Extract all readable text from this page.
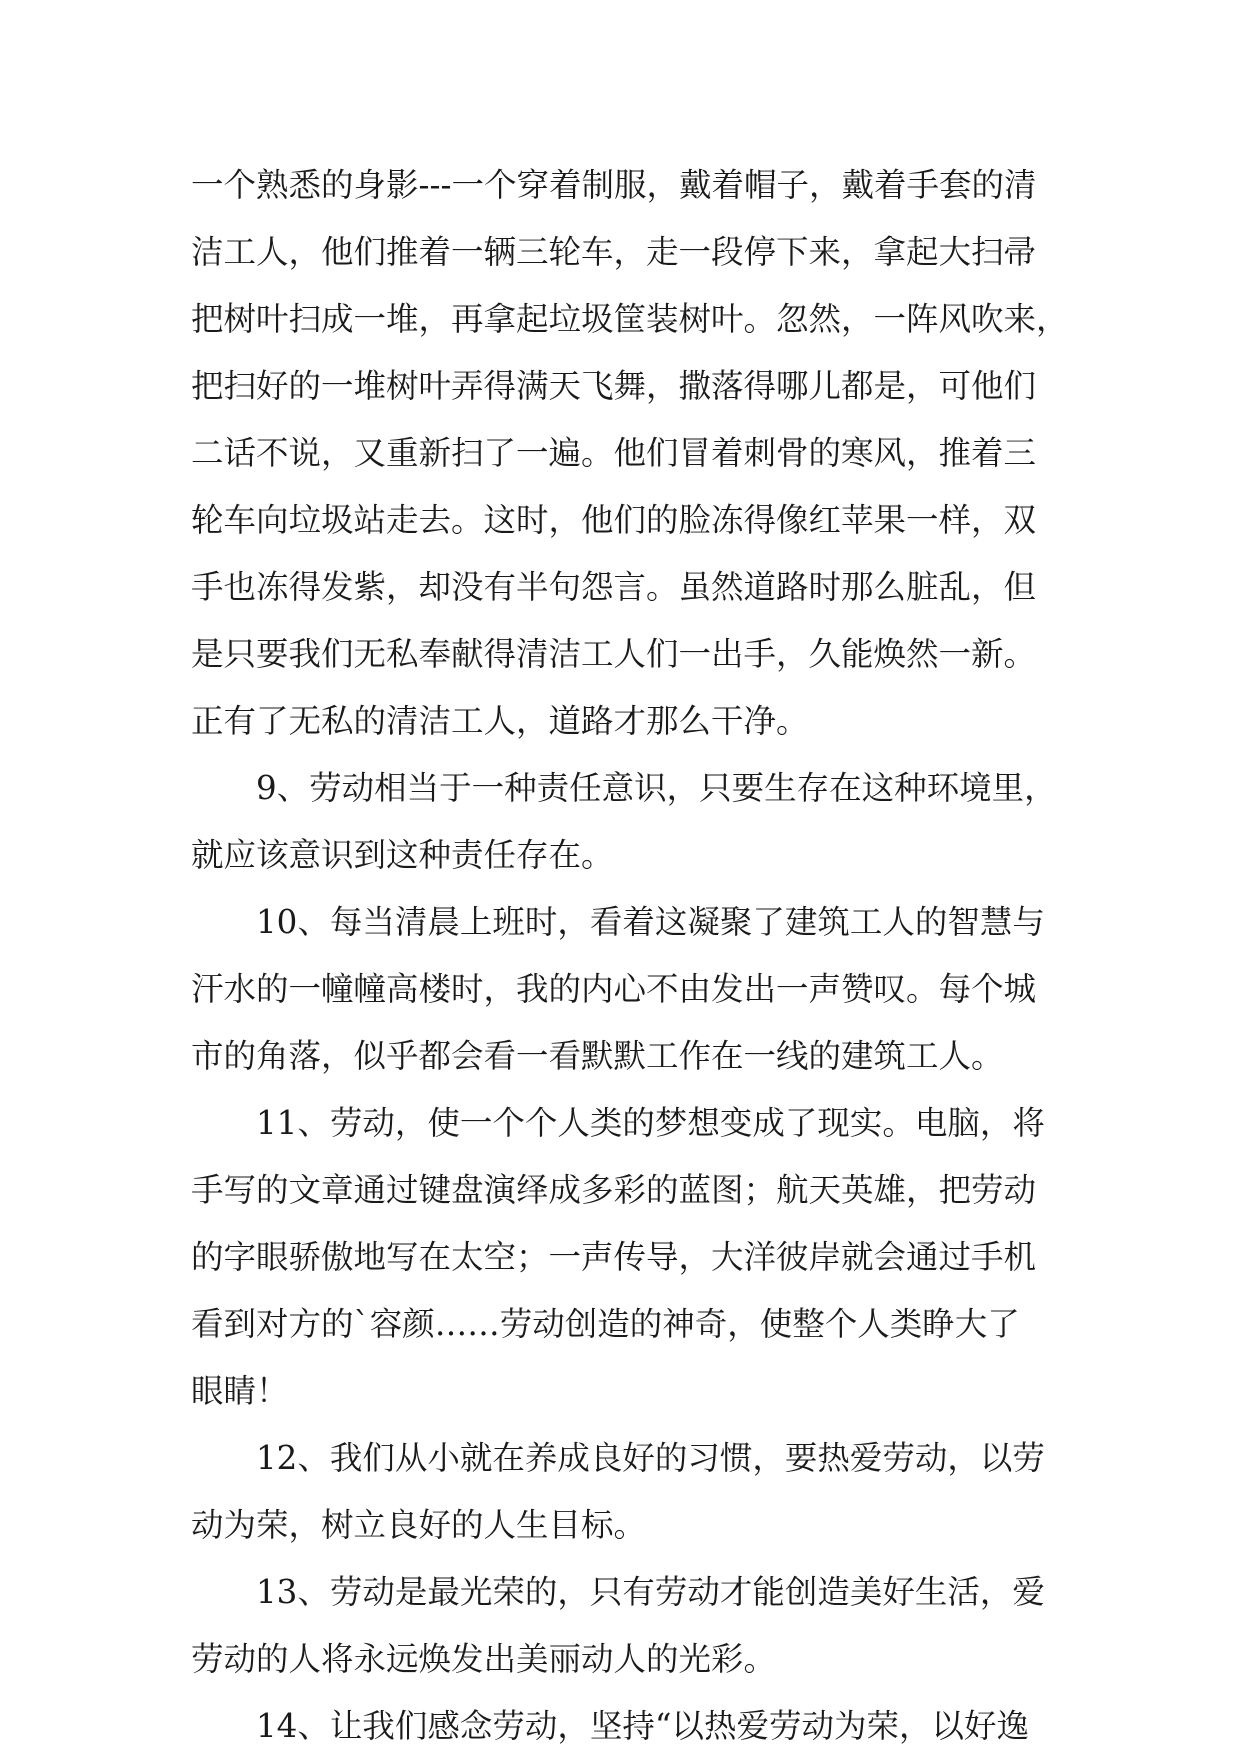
一个熟悉的身影---一个穿着制服，戴着帽子，戴着手套的清
洁工人，他们推着一辆三轮车，走一段停下来，拿起大扫帚
把树叶扫成一堆，再拿起垃圾筐装树叶。忽然，一阵风吹来，
把扫好的一堆树叶弄得满天飞舞，撒落得哪儿都是，可他们
二话不说，又重新扫了一遍。他们冒着刺骨的寒风，推着三
轮车向垃圾站走去。这时，他们的脸冻得像红苹果一样，双
手也冻得发紫，却没有半句怨言。虽然道路时那么脏乱，但
是只要我们无私奉献得清洁工人们一出手，久能焕然一新。
正有了无私的清洁工人，道路才那么干净。
9、劳动相当于一种责任意识，只要生存在这种环境里，
就应该意识到这种责任存在。
10、每当清晨上班时，看着这凝聚了建筑工人的智慧与
汗水的一幢幢高楼时，我的内心不由发出一声赞叹。每个城
市的角落，似乎都会看一看默默工作在一线的建筑工人。
11、劳动，使一个个人类的梦想变成了现实。电脑，将
手写的文章通过键盘演绎成多彩的蓝图；航天英雄，把劳动
的字眼骄傲地写在太空；一声传导，大洋彼岸就会通过手机
看到对方的`容颜……劳动创造的神奇，使整个人类睁大了
眼睛！
12、我们从小就在养成良好的习惯，要热爱劳动，以劳
动为荣，树立良好的人生目标。
13、劳动是最光荣的，只有劳动才能创造美好生活，爱
劳动的人将永远焕发出美丽动人的光彩。
14、让我们感念劳动，坚持“以热爱劳动为荣，以好逸
